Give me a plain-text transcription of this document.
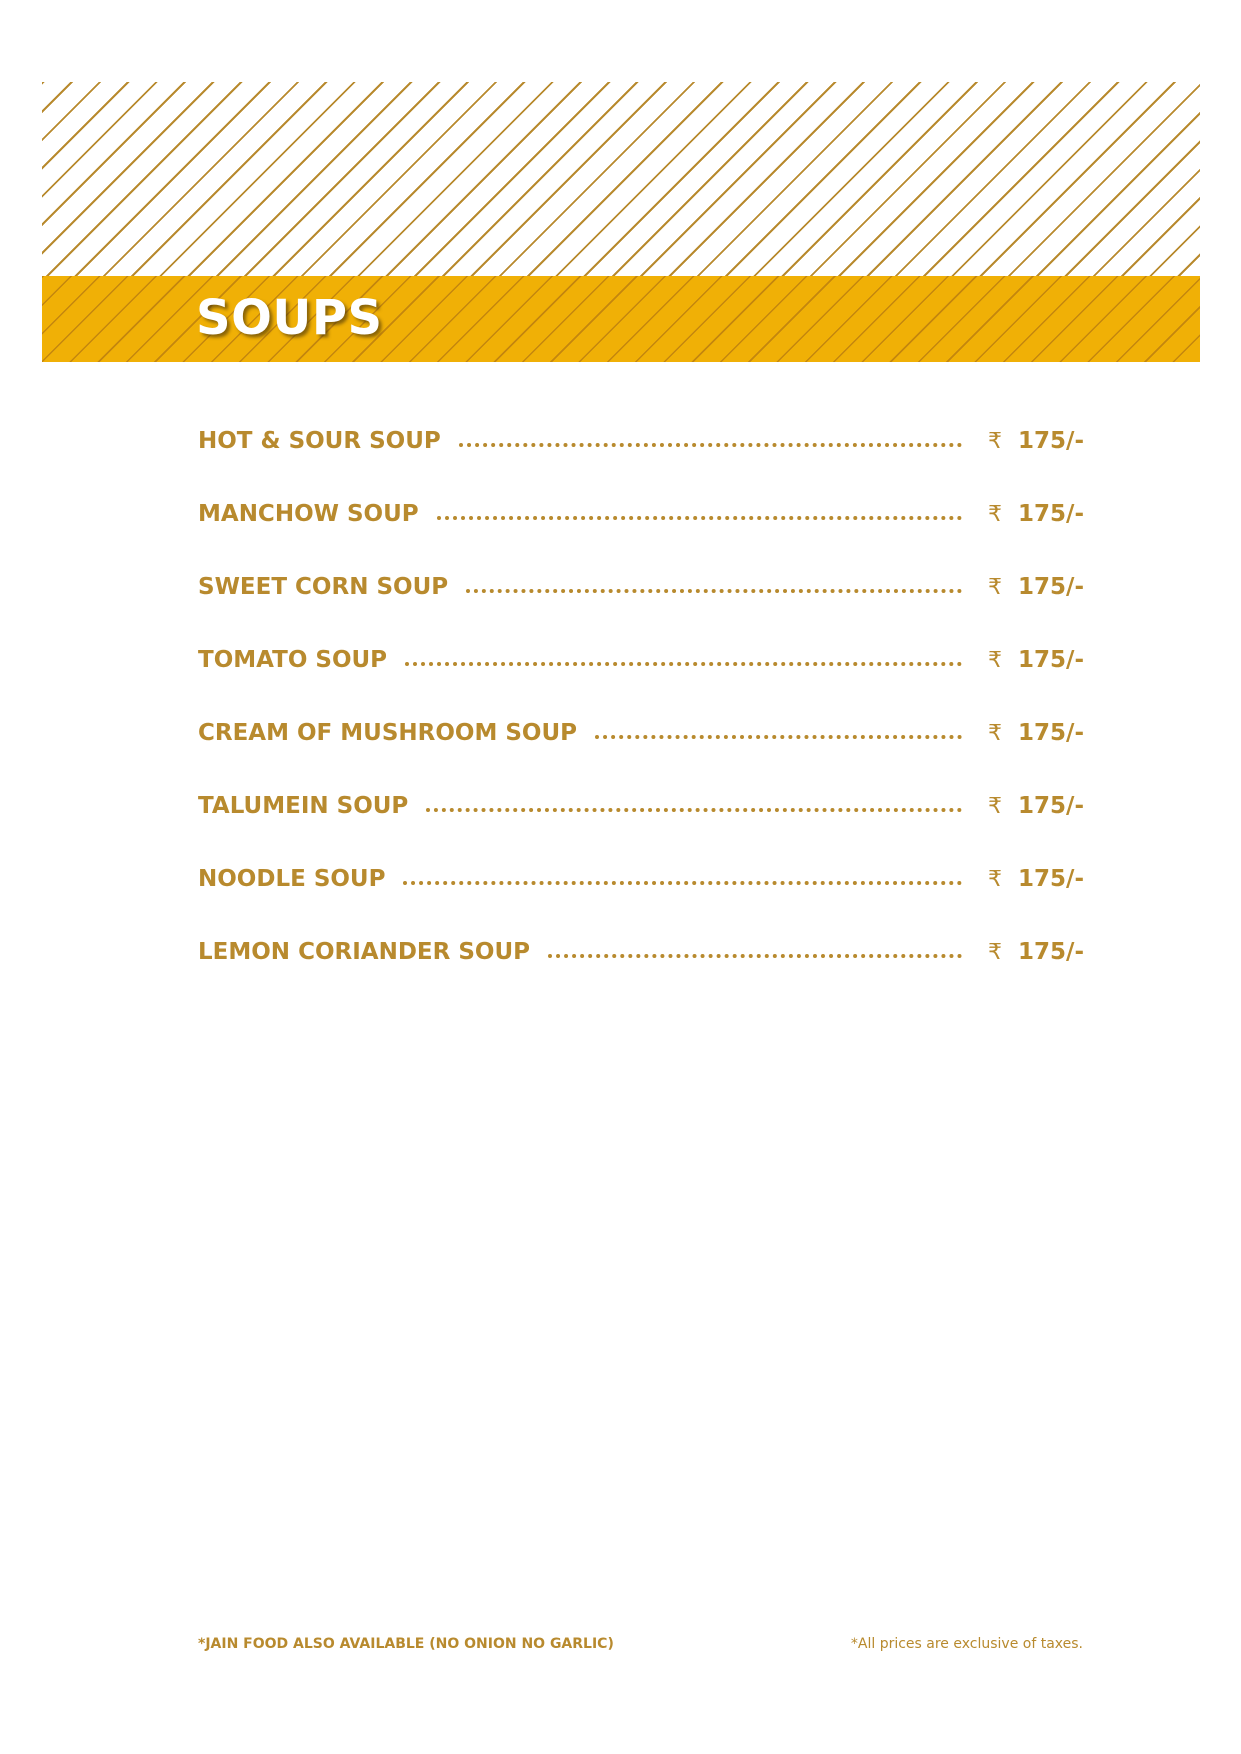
SOUPS
HOT & SOUR SOUP	₹ 175/-
MANCHOW SOUP	₹ 175/-
SWEET CORN SOUP	₹ 175/-
TOMATO SOUP	₹ 175/-
CREAM OF MUSHROOM SOUP	₹ 175/-
TALUMEIN SOUP	₹ 175/-
NOODLE SOUP	₹ 175/-
LEMON CORIANDER SOUP	₹ 175/-
*JAIN FOOD ALSO AVAILABLE (NO ONION NO GARLIC)	*All prices are exclusive of taxes.
